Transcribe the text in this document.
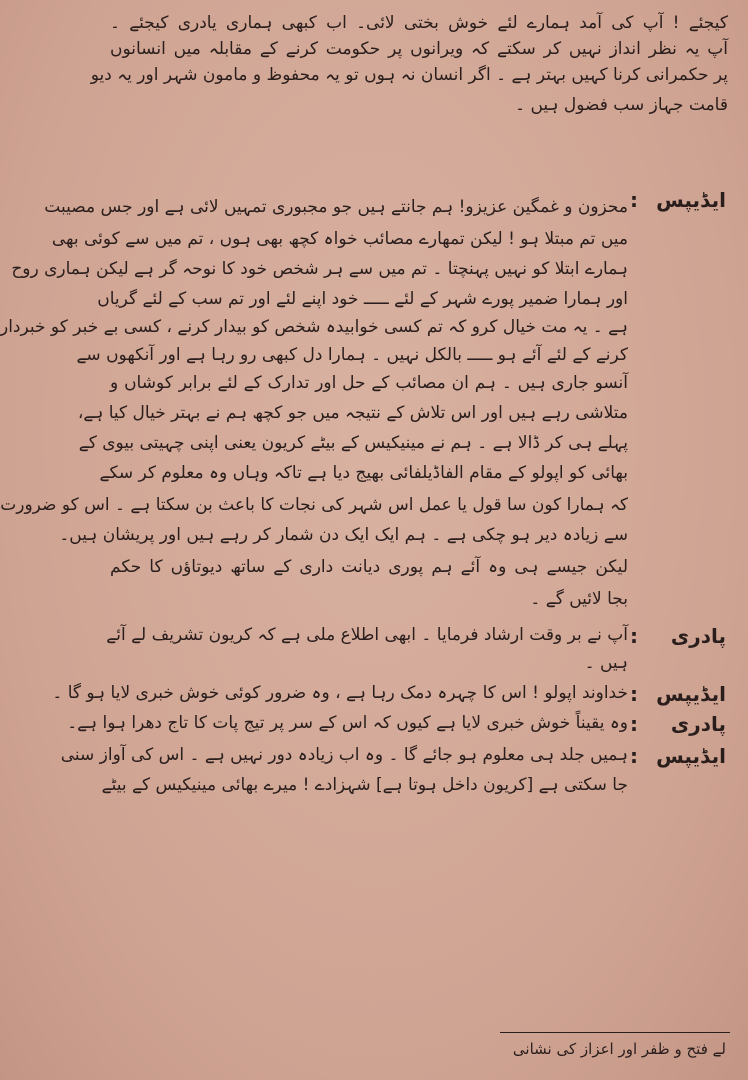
کیجئے ! آپ کی آمد ہمارے لئے خوش بختی لائی۔ اب کبھی ہماری یادری کیجئے ۔
آپ یہ نظر انداز نہیں کر سکتے کہ ویرانوں پر حکومت کرنے کے مقابلہ میں انسانوں
پر حکمرانی کرنا کہیں بہتر ہے ۔ اگر انسان نہ ہوں تو یہ محفوظ و مامون شہر اور یہ دیو
قامت جہاز سب فضول ہیں ۔
ایڈیپس
:
محزون و غمگین عزیزو! ہم جانتے ہیں جو مجبوری تمہیں لائی ہے اور جس مصیبت
میں تم مبتلا ہو ! لیکن تمھارے مصائب خواہ کچھ بھی ہوں ، تم میں سے کوئی بھی
ہمارے ابتلا کو نہیں پہنچتا ۔ تم میں سے ہر شخص خود کا نوحہ گر ہے لیکن ہماری روح
اور ہمارا ضمیر پورے شہر کے لئے ـــــ خود اپنے لئے اور تم سب کے لئے گریاں
ہے ۔ یہ مت خیال کرو کہ تم کسی خوابیدہ شخص کو بیدار کرنے ، کسی بے خبر کو خبردار
کرنے کے لئے آئے ہو ـــــ بالکل نہیں ۔ ہمارا دل کبھی رو رہا ہے اور آنکھوں سے
آنسو جاری ہیں ۔ ہم ان مصائب کے حل اور تدارک کے لئے برابر کوشاں و
متلاشی رہے ہیں اور اس تلاش کے نتیجہ میں جو کچھ ہم نے بہتر خیال کیا ہے،
پہلے ہی کر ڈالا ہے ۔ ہم نے مینیکیس کے بیٹے کریون یعنی اپنی چہیتی بیوی کے
بھائی کو اپولو کے مقام الفاڈیلفائی بھیج دیا ہے تاکہ وہاں وہ معلوم کر سکے
کہ ہمارا کون سا قول یا عمل اس شہر کی نجات کا باعث بن سکتا ہے ۔ اس کو ضرورت
سے زیادہ دیر ہو چکی ہے ۔ ہم ایک ایک دن شمار کر رہے ہیں اور پریشان ہیں۔
لیکن جیسے ہی وہ آئے ہم پوری دیانت داری کے ساتھ دیوتاؤں کا حکم
بجا لائیں گے ۔
پادری
:
آپ نے بر وقت ارشاد فرمایا ۔ ابھی اطلاع ملی ہے کہ کریون تشریف لے آئے
ہیں ۔
ایڈیپس
:
خداوند اپولو ! اس کا چہرہ دمک رہا ہے ، وہ ضرور کوئی خوش خبری لایا ہو گا ۔
پادری
:
وہ یقیناً خوش خبری لایا ہے کیوں کہ اس کے سر پر تیج پات کا تاج دھرا ہوا ہے۔
ایڈیپس
:
ہمیں جلد ہی معلوم ہو جائے گا ۔ وہ اب زیادہ دور نہیں ہے ۔ اس کی آواز سنی
جا سکتی ہے [کریون داخل ہوتا ہے] شہزادے ! میرے بھائی مینیکیس کے بیٹے
لے فتح و ظفر اور اعزاز کی نشانی
